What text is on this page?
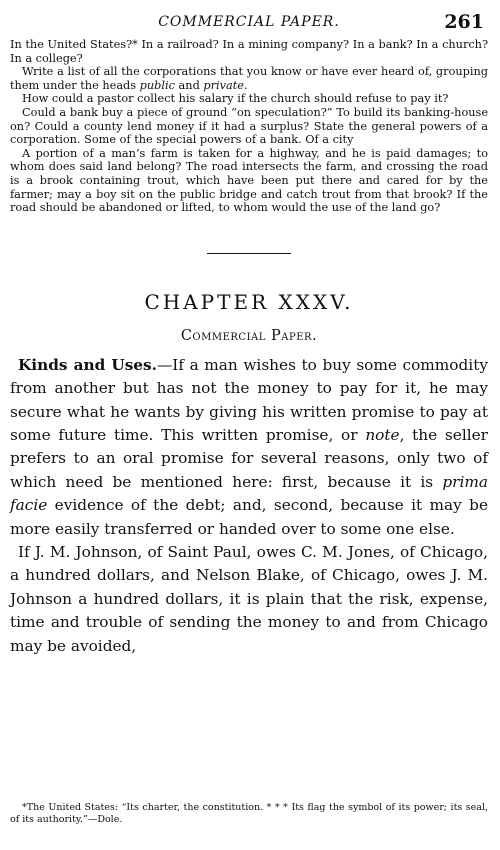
COMMERCIAL PAPER.	261

In the United States?* In a railroad? In a mining company? In a bank? In a church? In a college?

Write a list of all the corporations that you know or have ever heard of, grouping them under the heads public and private.

How could a pastor collect his salary if the church should refuse to pay it?

Could a bank buy a piece of ground “on speculation?” To build its banking-house on? Could a county lend money if it had a surplus? State the general powers of a corporation. Some of the special powers of a bank. Of a city

A portion of a man’s farm is taken for a highway, and he is paid damages; to whom does said land belong? The road intersects the farm, and crossing the road is a brook containing trout, which have been put there and cared for by the farmer; may a boy sit on the public bridge and catch trout from that brook? If the road should be abandoned or lifted, to whom would the use of the land go?

CHAPTER XXXV.
Commercial Paper.

Kinds and Uses.—If a man wishes to buy some commodity from another but has not the money to pay for it, he may secure what he wants by giving his written promise to pay at some future time. This written promise, or note, the seller prefers to an oral promise for several reasons, only two of which need be mentioned here: first, because it is prima facie evidence of the debt; and, second, because it may be more easily transferred or handed over to some one else.

If J. M. Johnson, of Saint Paul, owes C. M. Jones, of Chicago, a hundred dollars, and Nelson Blake, of Chicago, owes J. M. Johnson a hundred dollars, it is plain that the risk, expense, time and trouble of sending the money to and from Chicago may be avoided,

*The United States: “Its charter, the constitution. * * * Its flag the symbol of its power; its seal, of its authority.”—Dole.
